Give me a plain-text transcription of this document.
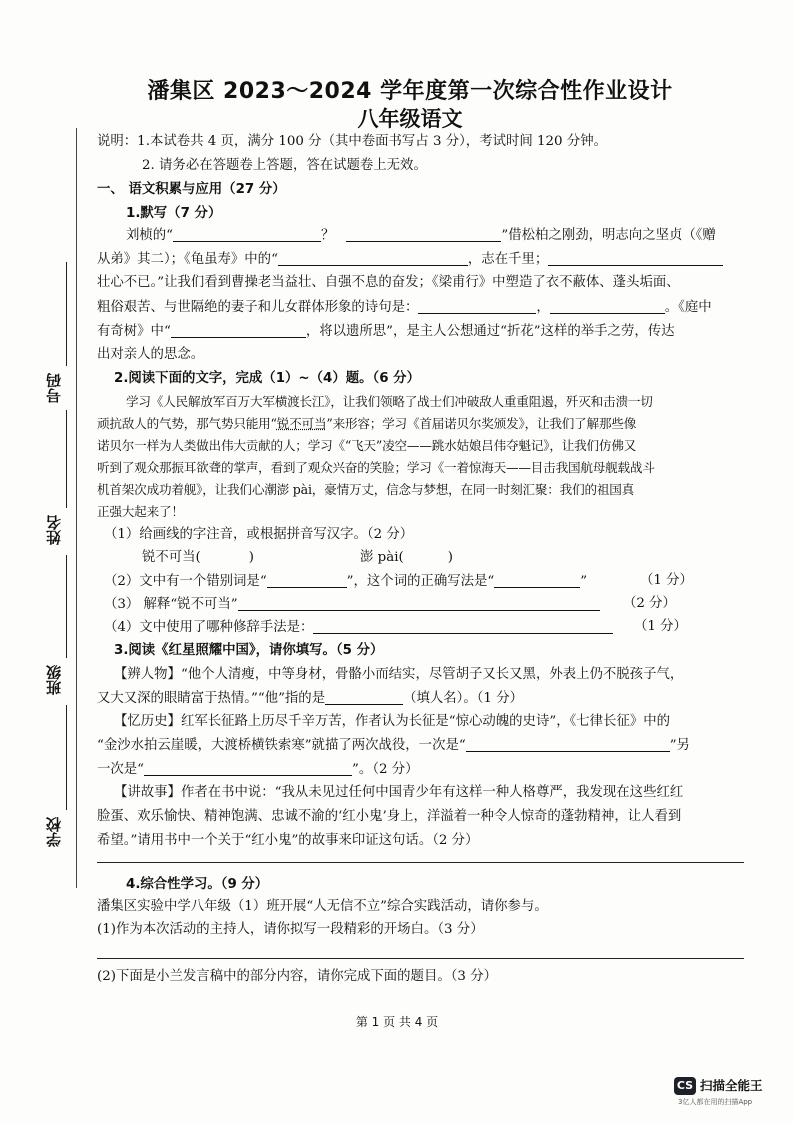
号码
姓名
班级
学校
潘集区 2023～2024 学年度第一次综合性作业设计
八年级语文
说明：1.本试卷共 4 页，满分 100 分（其中卷面书写占 3 分），考试时间 120 分钟。
2. 请务必在答题卷上答题，答在试题卷上无效。
一、 语文积累与应用（27 分）
1.默写（7 分）
刘桢的“	？	”借松柏之刚劲，明志向之坚贞（《赠
从弟》其二）；《龟虽寿》中的“	，志在千里；
壮心不已。”让我们看到曹操老当益壮、自强不息的奋发；《梁甫行》中塑造了衣不蔽体、蓬头垢面、
粗俗艰苦、与世隔绝的妻子和儿女群体形象的诗句是：	，	。《庭中
有奇树》中“	，将以遗所思”，是主人公想通过“折花”这样的举手之劳，传达
出对亲人的思念。
2.阅读下面的文字，完成（1）~（4）题。（6 分）
学习《人民解放军百万大军横渡长江》，让我们领略了战士们冲破敌人重重阻遏，歼灭和击溃一切
顽抗敌人的气势，那气势只能用“锐不可当”来形容；学习《首届诺贝尔奖颁发》，让我们了解那些像
诺贝尔一样为人类做出伟大贡献的人；学习《“飞天”凌空——跳水姑娘吕伟夺魁记》，让我们仿佛又
听到了观众那振耳欲聋的掌声，看到了观众兴奋的笑脸；学习《一着惊海天——目击我国航母舰载战斗
机首架次成功着舰》，让我们心潮澎 pài，豪情万丈，信念与梦想，在同一时刻汇聚：我们的祖国真
正强大起来了！
（1）给画线的字注音，或根据拼音写汉字。（2 分）
锐不可当(	)	澎 pài(	)
（2）文中有一个错别词是“	”，这个词的正确写法是“	”	（1 分）
（3） 解释“锐不可当”	（2 分）
（4）文中使用了哪种修辞手法是：	（1 分）
3.阅读《红星照耀中国》，请你填写。（5 分）
【辨人物】“他个人清瘦，中等身材，骨骼小而结实，尽管胡子又长又黑，外表上仍不脱孩子气，
又大又深的眼睛富于热情。”“他”指的是	（填人名）。（1 分）
【忆历史】红军长征路上历尽千辛万苦，作者认为长征是“惊心动魄的史诗”，《七律长征》中的
“金沙水拍云崖暖，大渡桥横铁索寒”就描了两次战役，一次是“	”另
一次是“	”。（2 分）
【讲故事】作者在书中说：“我从未见过任何中国青少年有这样一种人格尊严，我发现在这些红红
脸蛋、欢乐愉快、精神饱满、忠诚不渝的‘红小鬼’身上，洋溢着一种令人惊奇的蓬勃精神，让人看到
希望。”请用书中一个关于“红小鬼”的故事来印证这句话。（2 分）
4.综合性学习。（9 分）
潘集区实验中学八年级（1）班开展“人无信不立”综合实践活动，请你参与。
(1)作为本次活动的主持人，请你拟写一段精彩的开场白。（3 分）
(2)下面是小兰发言稿中的部分内容，请你完成下面的题目。（3 分）
第 1 页 共 4 页
CS 扫描全能王
3亿人都在用的扫描App
